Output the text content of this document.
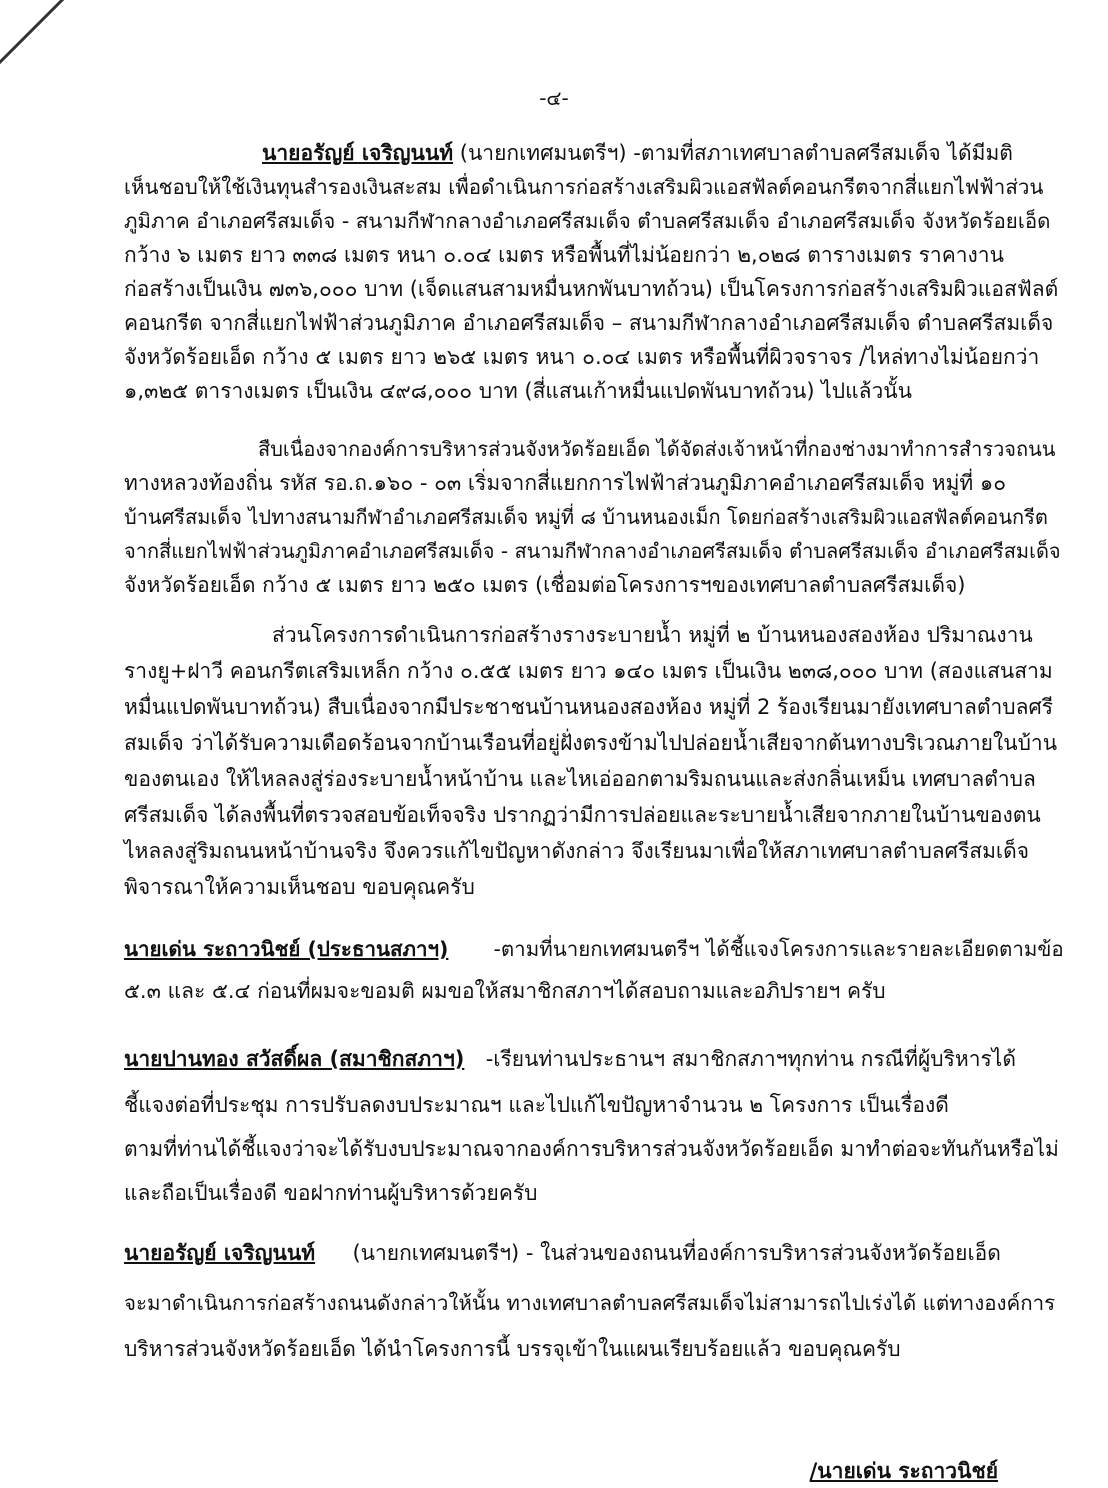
-๔-
นายอรัญย์ เจริญนนท์ (นายกเทศมนตรีฯ) -ตามที่สภาเทศบาลตำบลศรีสมเด็จ ได้มีมติ
เห็นชอบให้ใช้เงินทุนสำรองเงินสะสม เพื่อดำเนินการก่อสร้างเสริมผิวแอสฟัลต์คอนกรีตจากสี่แยกไฟฟ้าส่วน
ภูมิภาค อำเภอศรีสมเด็จ - สนามกีฬากลางอำเภอศรีสมเด็จ ตำบลศรีสมเด็จ อำเภอศรีสมเด็จ จังหวัดร้อยเอ็ด
กว้าง ๖ เมตร ยาว ๓๓๘ เมตร หนา ๐.๐๔ เมตร หรือพื้นที่ไม่น้อยกว่า ๒,๐๒๘ ตารางเมตร ราคางาน
ก่อสร้างเป็นเงิน ๗๓๖,๐๐๐ บาท (เจ็ดแสนสามหมื่นหกพันบาทถ้วน) เป็นโครงการก่อสร้างเสริมผิวแอสฟัลต์
คอนกรีต จากสี่แยกไฟฟ้าส่วนภูมิภาค อำเภอศรีสมเด็จ – สนามกีฬากลางอำเภอศรีสมเด็จ ตำบลศรีสมเด็จ
จังหวัดร้อยเอ็ด กว้าง ๕ เมตร ยาว ๒๖๕ เมตร หนา ๐.๐๔ เมตร หรือพื้นที่ผิวจราจร /ไหล่ทางไม่น้อยกว่า
๑,๓๒๕ ตารางเมตร เป็นเงิน ๔๙๘,๐๐๐ บาท (สี่แสนเก้าหมื่นแปดพันบาทถ้วน) ไปแล้วนั้น
สืบเนื่องจากองค์การบริหารส่วนจังหวัดร้อยเอ็ด ได้จัดส่งเจ้าหน้าที่กองช่างมาทำการสำรวจถนน
ทางหลวงท้องถิ่น รหัส รอ.ถ.๑๖๐ - ๐๓ เริ่มจากสี่แยกการไฟฟ้าส่วนภูมิภาคอำเภอศรีสมเด็จ หมู่ที่ ๑๐
บ้านศรีสมเด็จ ไปทางสนามกีฬาอำเภอศรีสมเด็จ หมู่ที่ ๘ บ้านหนองเม็ก โดยก่อสร้างเสริมผิวแอสฟัลต์คอนกรีต
จากสี่แยกไฟฟ้าส่วนภูมิภาคอำเภอศรีสมเด็จ - สนามกีฬากลางอำเภอศรีสมเด็จ ตำบลศรีสมเด็จ อำเภอศรีสมเด็จ
จังหวัดร้อยเอ็ด กว้าง ๕ เมตร ยาว ๒๕๐ เมตร (เชื่อมต่อโครงการฯของเทศบาลตำบลศรีสมเด็จ)
ส่วนโครงการดำเนินการก่อสร้างรางระบายน้ำ หมู่ที่ ๒ บ้านหนองสองห้อง ปริมาณงาน
รางยู+ฝาวี คอนกรีตเสริมเหล็ก กว้าง ๐.๕๕ เมตร ยาว ๑๔๐ เมตร เป็นเงิน ๒๓๘,๐๐๐ บาท (สองแสนสาม
หมื่นแปดพันบาทถ้วน) สืบเนื่องจากมีประชาชนบ้านหนองสองห้อง หมู่ที่ 2 ร้องเรียนมายังเทศบาลตำบลศรี
สมเด็จ ว่าได้รับความเดือดร้อนจากบ้านเรือนที่อยู่ฝั่งตรงข้ามไปปล่อยน้ำเสียจากต้นทางบริเวณภายในบ้าน
ของตนเอง ให้ไหลลงสู่ร่องระบายน้ำหน้าบ้าน และไหเอ่ออกตามริมถนนและส่งกลิ่นเหม็น เทศบาลตำบล
ศรีสมเด็จ ได้ลงพื้นที่ตรวจสอบข้อเท็จจริง ปรากฏว่ามีการปล่อยและระบายน้ำเสียจากภายในบ้านของตน
ไหลลงสู่ริมถนนหน้าบ้านจริง จึงควรแก้ไขปัญหาดังกล่าว จึงเรียนมาเพื่อให้สภาเทศบาลตำบลศรีสมเด็จ
พิจารณาให้ความเห็นชอบ ขอบคุณครับ
นายเด่น ระถาวนิชย์ (ประธานสภาฯ) -ตามที่นายกเทศมนตรีฯ ได้ชี้แจงโครงการและรายละเอียดตามข้อ
๕.๓ และ ๕.๔ ก่อนที่ผมจะขอมติ ผมขอให้สมาชิกสภาฯได้สอบถามและอภิปรายฯ ครับ
นายปานทอง สวัสดิ์ผล (สมาชิกสภาฯ) -เรียนท่านประธานฯ สมาชิกสภาฯทุกท่าน กรณีที่ผู้บริหารได้
ชี้แจงต่อที่ประชุม การปรับลดงบประมาณฯ และไปแก้ไขปัญหาจำนวน ๒ โครงการ เป็นเรื่องดี
ตามที่ท่านได้ชี้แจงว่าจะได้รับงบประมาณจากองค์การบริหารส่วนจังหวัดร้อยเอ็ด มาทำต่อจะทันกันหรือไม่
และถือเป็นเรื่องดี ขอฝากท่านผู้บริหารด้วยครับ
นายอรัญย์ เจริญนนท์ (นายกเทศมนตรีฯ) - ในส่วนของถนนที่องค์การบริหารส่วนจังหวัดร้อยเอ็ด
จะมาดำเนินการก่อสร้างถนนดังกล่าวให้นั้น ทางเทศบาลตำบลศรีสมเด็จไม่สามารถไปเร่งได้ แต่ทางองค์การ
บริหารส่วนจังหวัดร้อยเอ็ด ได้นำโครงการนี้ บรรจุเข้าในแผนเรียบร้อยแล้ว ขอบคุณครับ
/นายเด่น ระถาวนิชย์
